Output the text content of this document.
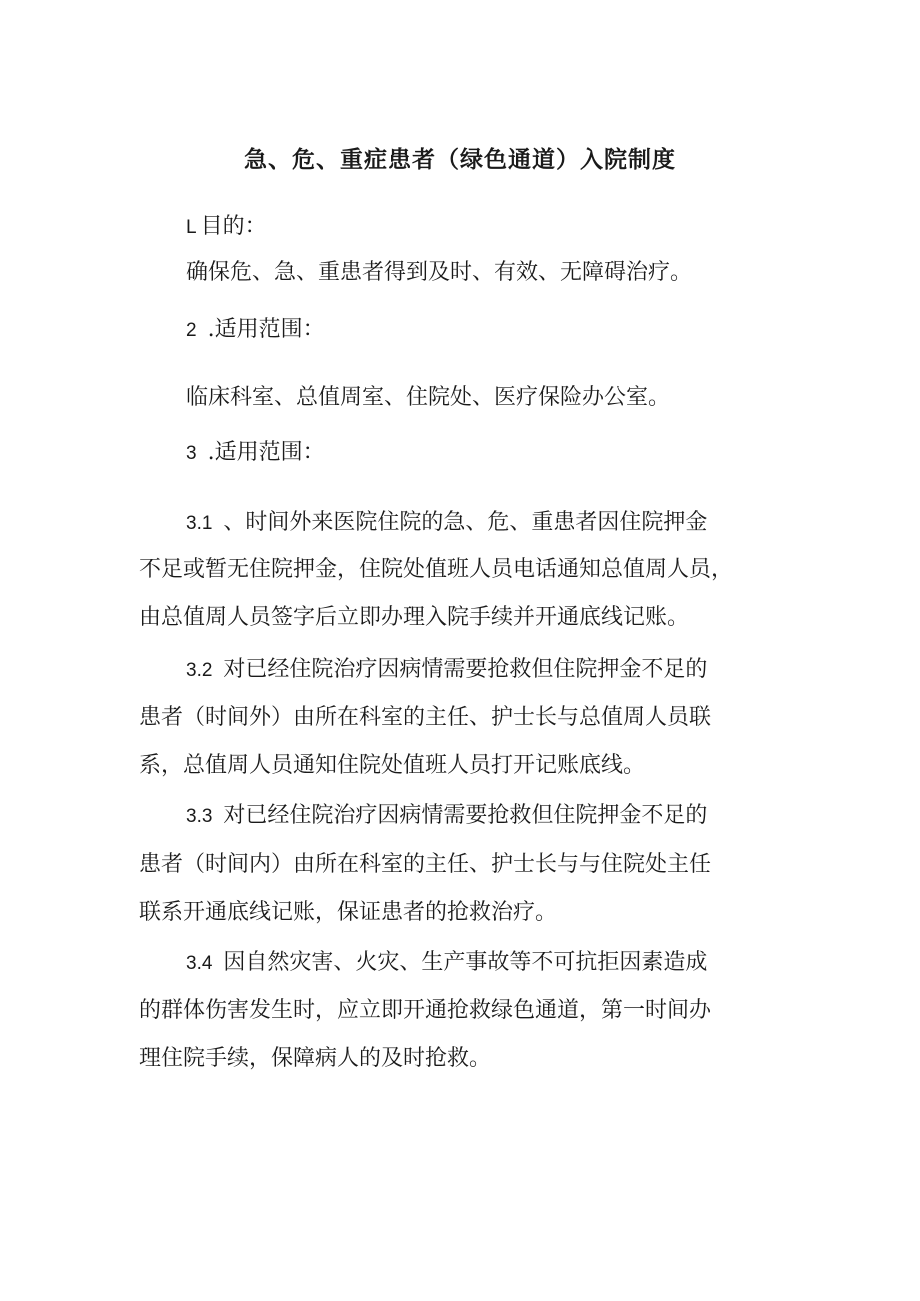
急、危、重症患者（绿色通道）入院制度

L 目的：

确保危、急、重患者得到及时、有效、无障碍治疗。

2 .适用范围：

临床科室、总值周室、住院处、医疗保险办公室。

3 .适用范围：

3.1 、时间外来医院住院的急、危、重患者因住院押金

不足或暂无住院押金，住院处值班人员电话通知总值周人员，

由总值周人员签字后立即办理入院手续并开通底线记账。

3.2 对已经住院治疗因病情需要抢救但住院押金不足的

患者（时间外）由所在科室的主任、护士长与总值周人员联

系，总值周人员通知住院处值班人员打开记账底线。

3.3 对已经住院治疗因病情需要抢救但住院押金不足的

患者（时间内）由所在科室的主任、护士长与与住院处主任

联系开通底线记账，保证患者的抢救治疗。

3.4 因自然灾害、火灾、生产事故等不可抗拒因素造成

的群体伤害发生时，应立即开通抢救绿色通道，第一时间办

理住院手续，保障病人的及时抢救。
